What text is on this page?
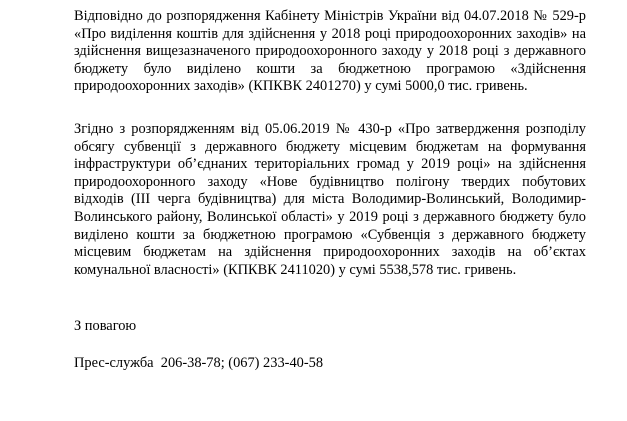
Відповідно до розпорядження Кабінету Міністрів України від 04.07.2018 № 529-р «Про виділення коштів для здійснення у 2018 році природоохоронних заходів» на здійснення вищезазначеного природоохоронного заходу у 2018 році з державного бюджету було виділено кошти за бюджетною програмою «Здійснення природоохоронних заходів» (КПКВК 2401270) у сумі 5000,0 тис. гривень.

Згідно з розпорядженням від 05.06.2019 № 430-р «Про затвердження розподілу обсягу субвенції з державного бюджету місцевим бюджетам на формування інфраструктури об’єднаних територіальних громад у 2019 році» на здійснення природоохоронного заходу «Нове будівництво полігону твердих побутових відходів (ІІІ черга будівництва) для міста Володимир-Волинський, Володимир-Волинського району, Волинської області» у 2019 році з державного бюджету було виділено кошти за бюджетною програмою «Субвенція з державного бюджету місцевим бюджетам на здійснення природоохоронних заходів на об’єктах комунальної власності» (КПКВК 2411020) у сумі 5538,578 тис. гривень.

З повагою

Прес-служба  206-38-78; (067) 233-40-58
